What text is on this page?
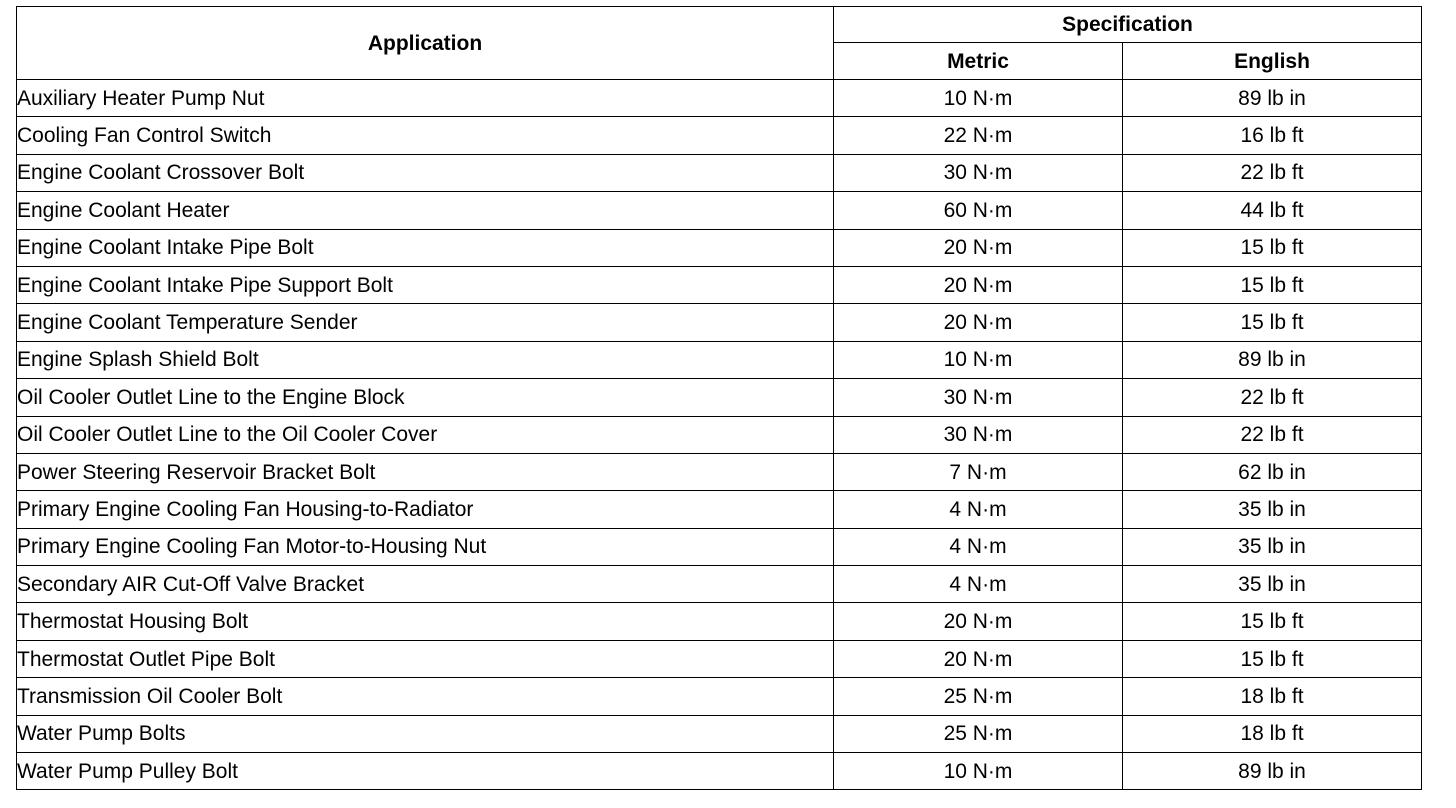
Application	Specification	
	Metric	English
Auxiliary Heater Pump Nut	10 N·m	89 lb in
Cooling Fan Control Switch	22 N·m	16 lb ft
Engine Coolant Crossover Bolt	30 N·m	22 lb ft
Engine Coolant Heater	60 N·m	44 lb ft
Engine Coolant Intake Pipe Bolt	20 N·m	15 lb ft
Engine Coolant Intake Pipe Support Bolt	20 N·m	15 lb ft
Engine Coolant Temperature Sender	20 N·m	15 lb ft
Engine Splash Shield Bolt	10 N·m	89 lb in
Oil Cooler Outlet Line to the Engine Block	30 N·m	22 lb ft
Oil Cooler Outlet Line to the Oil Cooler Cover	30 N·m	22 lb ft
Power Steering Reservoir Bracket Bolt	7 N·m	62 lb in
Primary Engine Cooling Fan Housing-to-Radiator	4 N·m	35 lb in
Primary Engine Cooling Fan Motor-to-Housing Nut	4 N·m	35 lb in
Secondary AIR Cut-Off Valve Bracket	4 N·m	35 lb in
Thermostat Housing Bolt	20 N·m	15 lb ft
Thermostat Outlet Pipe Bolt	20 N·m	15 lb ft
Transmission Oil Cooler Bolt	25 N·m	18 lb ft
Water Pump Bolts	25 N·m	18 lb ft
Water Pump Pulley Bolt	10 N·m	89 lb in
